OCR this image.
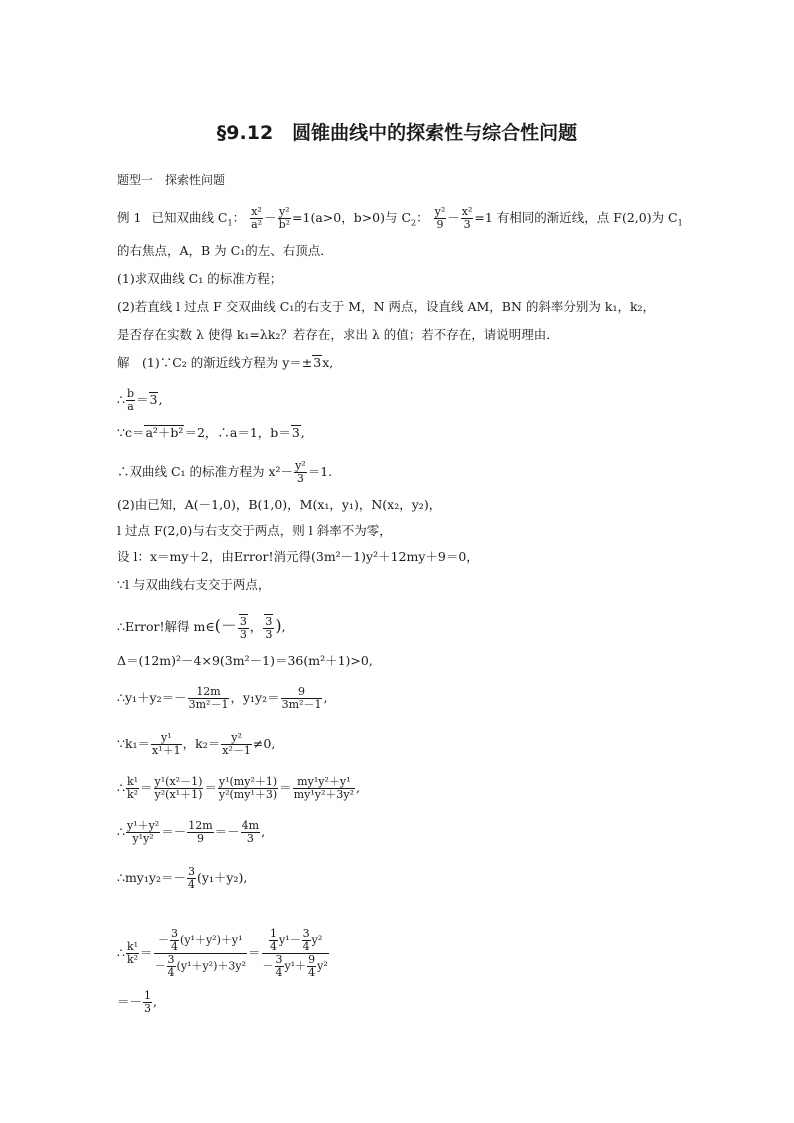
§9.12　圆锥曲线中的探索性与综合性问题
题型一　探索性问题
例 1 已知双曲线 $C_1$： $\frac{\text{x²}}{\text{a²}} - \frac{\text{y²}}{\text{b²}} =1(a>0$，b>0)与 $C_2$： $\frac{\text{y²}}{9} - \frac{\text{x²}}{3} =1$ 有相同的渐近线，点 F(2,0)为 $C_1$
的右焦点，A，B 为 C₁的左、右顶点．
(1)求双曲线 C₁ 的标准方程；
(2)若直线 l 过点 F 交双曲线 C₁的右支于 M，N 两点，设直线 AM，BN 的斜率分别为 k₁，k₂，
是否存在实数 λ 使得 k₁=λk₂？若存在，求出 λ 的值；若不存在，请说明理由．
解　(1)∵C₂ 的渐近线方程为 y＝±3x,
∴ $\frac{b}{a} =3$,
∵c＝a²＋b²＝2，∴a＝1，b＝3,
∴双曲线 C₁ 的标准方程为 $x^2- \frac{\text{y²}}{3} =1$.
(2)由已知，A(－1,0)，B(1,0)，M(x₁，y₁)，N(x₂，y₂)，
l 过点 F(2,0)与右支交于两点，则 l 斜率不为零，
设 l：x＝my＋2，由Error!消元得(3m²－1)y²＋12my＋9＝0，
∵l 与双曲线右支交于两点，
∴Error!解得 m∈(－ $\frac{3}{3}$ ， $\frac{3}{3}$ ),
Δ＝(12m)²－4×9(3m²－1)＝36(m²＋1)>0,
∴y₁＋y₂＝－ $\frac{12m}{\text{3m²－1}}$ ，$y_1y_2= \frac{9}{\text{3m²－1}}$ ,
∵k₁＝ $\frac{\text{y¹}}{\text{x¹＋1}}$ ，$k_2= \frac{\text{y²}}{\text{x²－1}} \ne 0$,
∴ $\frac{\text{k¹}}{\text{k²}} = \frac{\text{y¹(x²－1)}}{\text{y²(x¹＋1)}} = \frac{\text{y¹(my²＋1)}}{\text{y²(my¹＋3)}} = \frac{\text{my¹y²＋y¹}}{\text{my¹y²＋3y²}}$ ,
∴ $\frac{\text{y¹＋y²}}{\text{y¹y²}} =- \frac{12m}{9} =- \frac{4m}{3}$ ,
∴my₁y₂＝－ $\frac{3}{4} (y_1+y_2)$,
∴ $\frac{\text{k¹}}{\text{k²}} = \frac{- \frac{3}{4} (y^1+y^2)+y^1}{- \frac{3}{4} (y^1+y^2)+3y^2} = \frac{\frac{1}{4} y^1- \frac{3}{4} y^2}{- \frac{3}{4} y^1+ \frac{9}{4} y^2}$
＝－ $\frac{1}{3}$ ,
